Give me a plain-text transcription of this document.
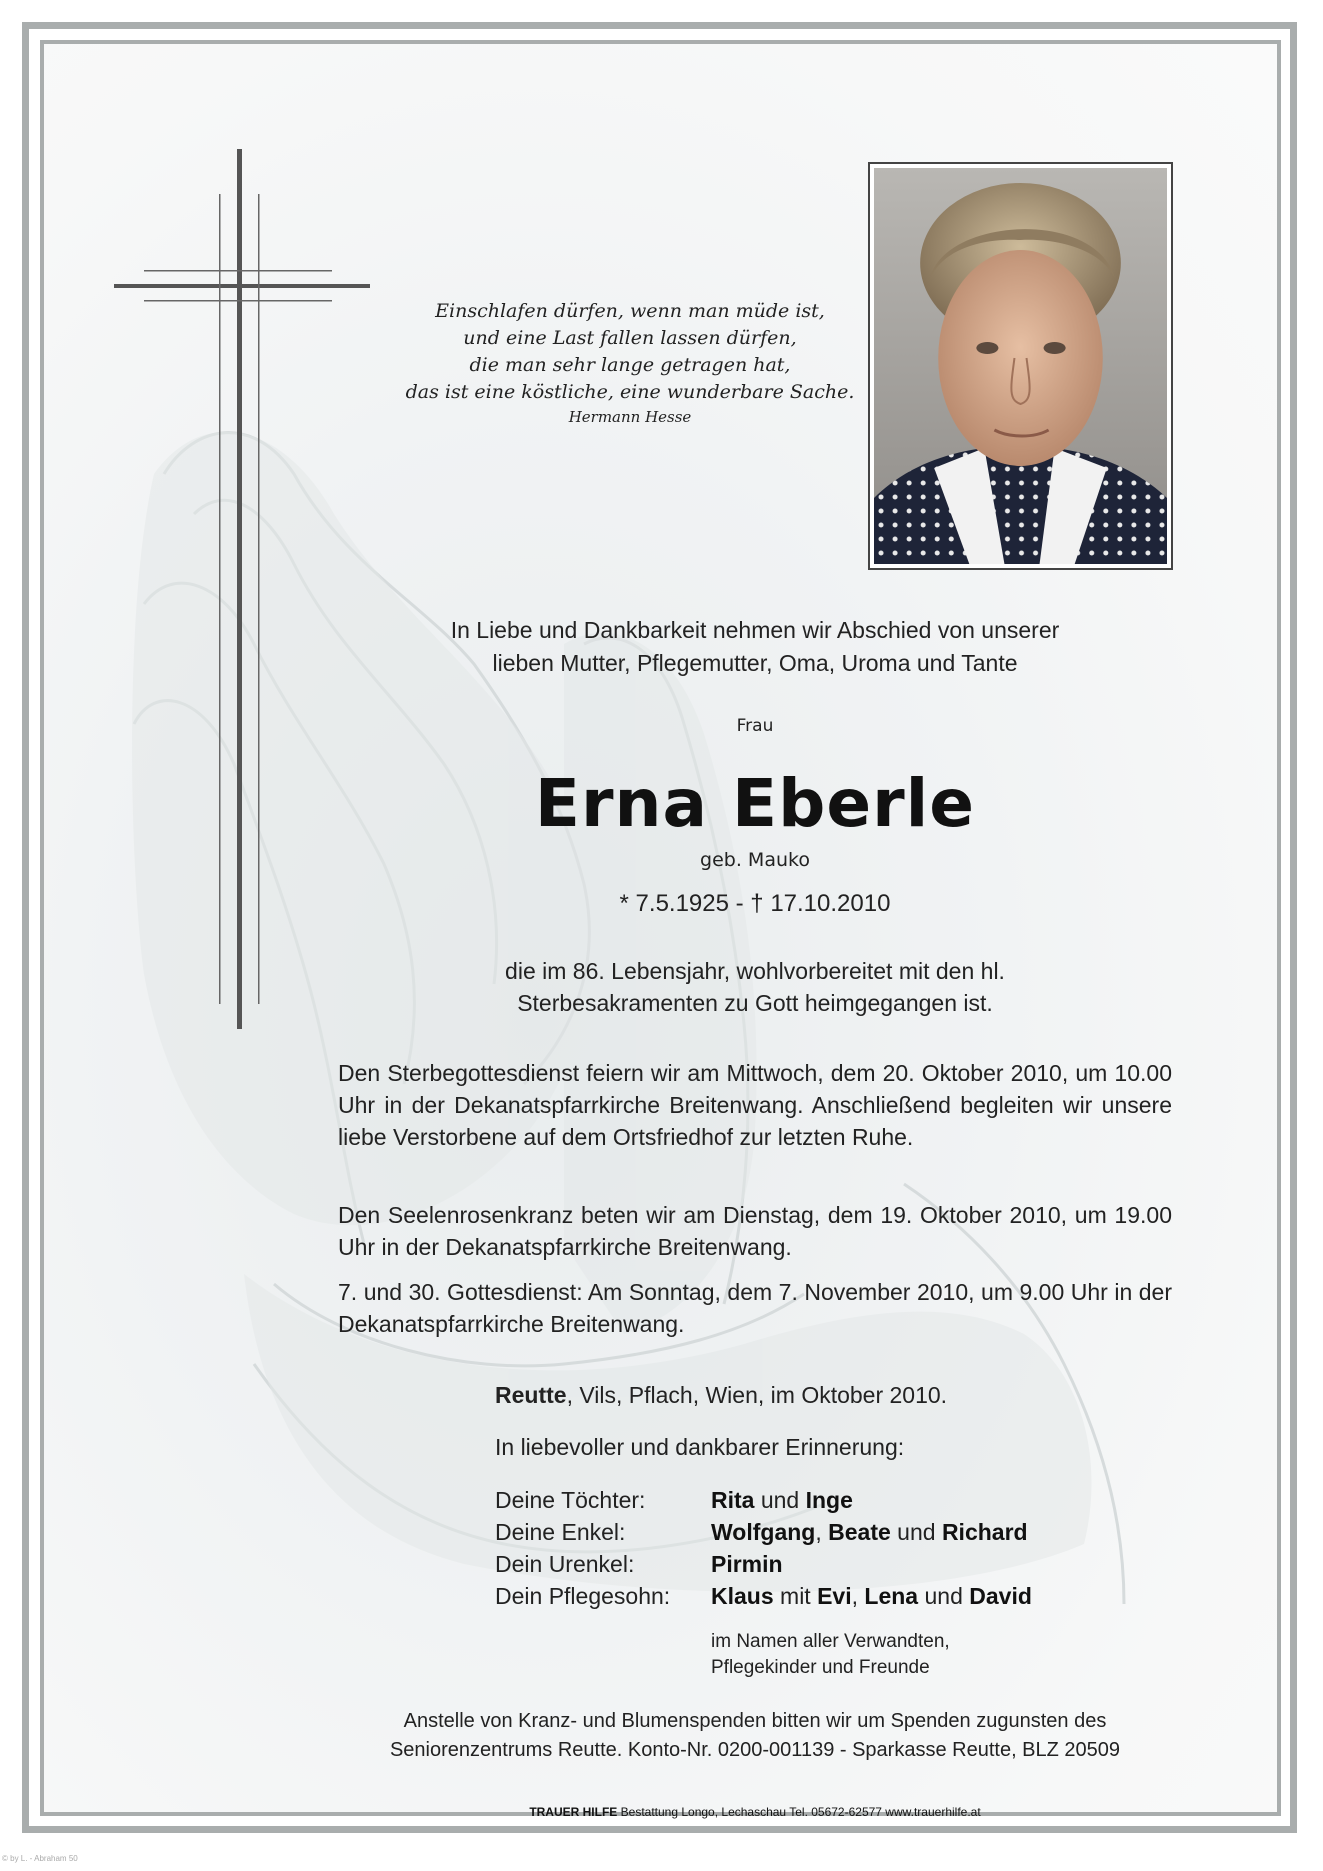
Einschlafen dürfen, wenn man müde ist,
und eine Last fallen lassen dürfen,
die man sehr lange getragen hat,
das ist eine köstliche, eine wunderbare Sache.
Hermann Hesse
In Liebe und Dankbarkeit nehmen wir Abschied von unserer
lieben Mutter, Pflegemutter, Oma, Uroma und Tante
Frau
Erna Eberle
geb. Mauko
* 7.5.1925 - † 17.10.2010
die im 86. Lebensjahr, wohlvorbereitet mit den hl.
Sterbesakramenten zu Gott heimgegangen ist.
Den Sterbegottesdienst feiern wir am Mittwoch, dem 20. Oktober 2010, um 10.00 Uhr in der Dekanatspfarrkirche Breitenwang. Anschließend begleiten wir unsere liebe Verstorbene auf dem Ortsfriedhof zur letzten Ruhe.
Den Seelenrosenkranz beten wir am Dienstag, dem 19. Oktober 2010, um 19.00 Uhr in der Dekanatspfarrkirche Breitenwang.
7. und 30. Gottesdienst: Am Sonntag, dem 7. November 2010, um 9.00 Uhr in der Dekanatspfarrkirche Breitenwang.
Reutte, Vils, Pflach, Wien, im Oktober 2010.
In liebevoller und dankbarer Erinnerung:
Deine Töchter:	Rita und Inge
Deine Enkel:	Wolfgang, Beate und Richard
Dein Urenkel:	Pirmin
Dein Pflegesohn:	Klaus mit Evi, Lena und David
im Namen aller Verwandten,
Pflegekinder und Freunde
Anstelle von Kranz- und Blumenspenden bitten wir um Spenden zugunsten des
Seniorenzentrums Reutte. Konto-Nr. 0200-001139 - Sparkasse Reutte, BLZ 20509
TRAUER HILFE Bestattung Longo, Lechaschau Tel. 05672-62577 www.trauerhilfe.at
© by L. - Abraham 50
